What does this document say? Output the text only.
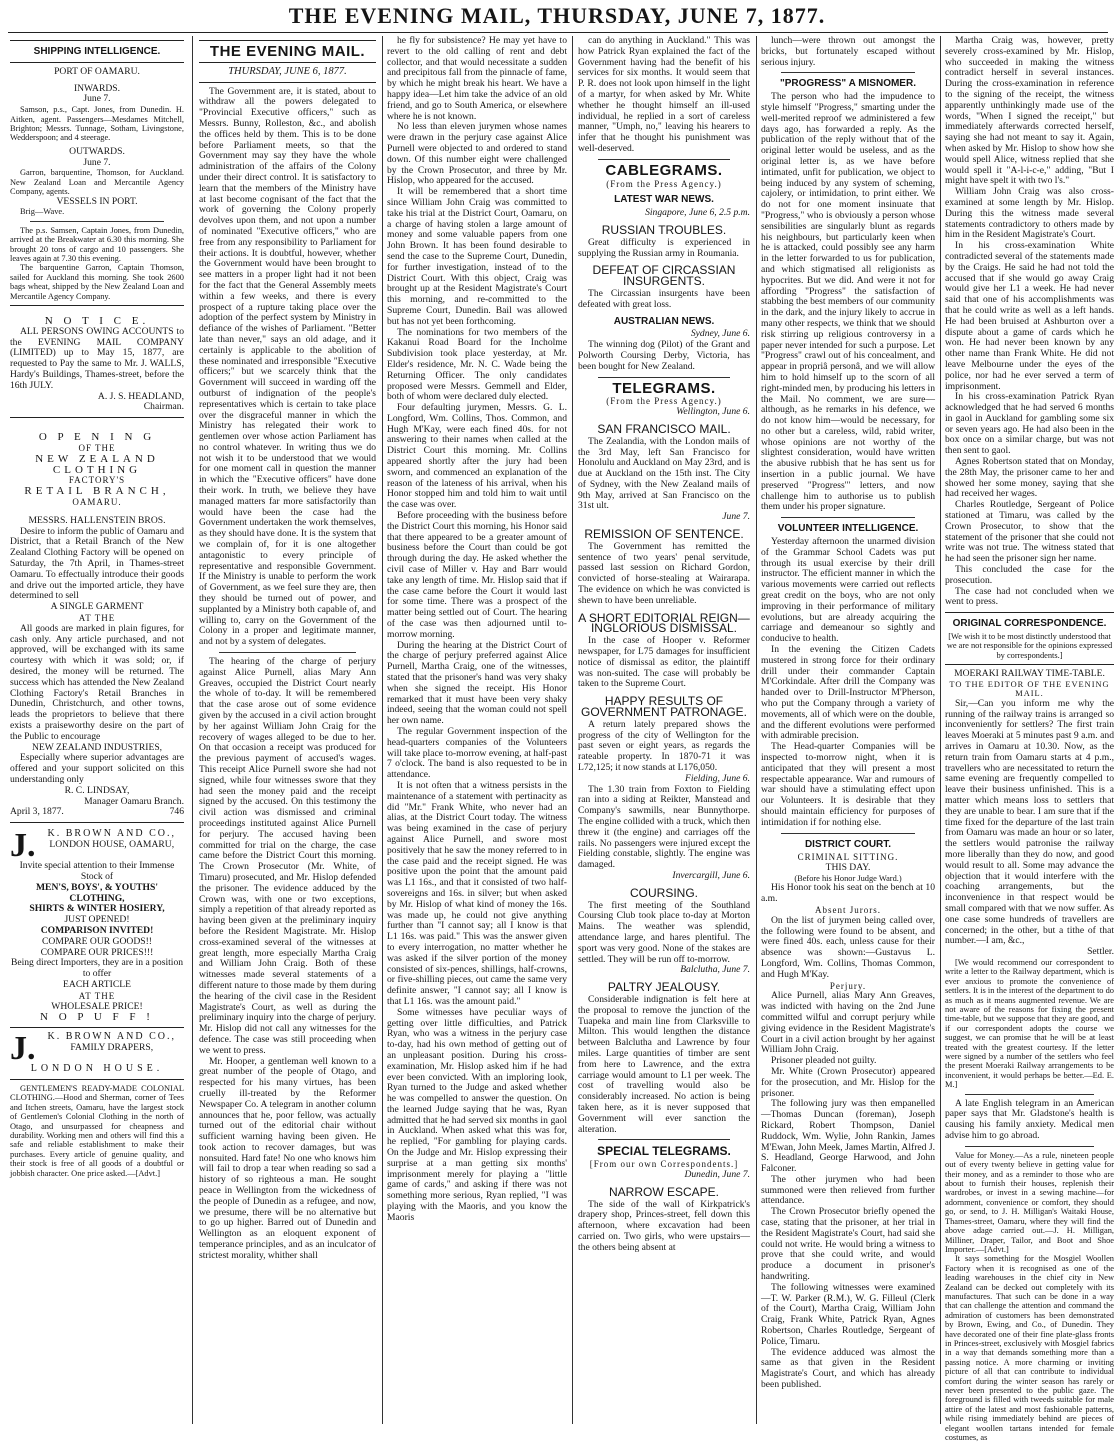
THE EVENING MAIL, THURSDAY, JUNE 7, 1877.
SHIPPING INTELLIGENCE.

PORT OF OAMARU.

INWARDS.

June 7.

Samson, p.s., Capt. Jones, from Dunedin. H. Aitken, agent. Passengers—Mesdames Mitchell, Brighton; Messrs. Tunnage, Sotham, Livingstone, Wedderspoon; and 4 steerage.

OUTWARDS.

June 7.

Garron, barquentine, Thomson, for Auckland. New Zealand Loan and Mercantile Agency Company, agents.

VESSELS IN PORT.

Brig—Wave.

The p.s. Samsen, Captain Jones, from Dunedin, arrived at the Breakwater at 6.30 this morning. She brought 20 tons of cargo and 10 passengers. She leaves again at 7.30 this evening.

The barquentine Garron, Captain Thomson, sailed for Auckland this morning. She took 2600 bags wheat, shipped by the New Zealand Loan and Mercantile Agency Company.

N O T I C E.

ALL PERSONS OWING ACCOUNTS to the EVENING MAIL COMPANY (LIMITED) up to May 15, 1877, are requested to Pay the same to Mr. J. WALLS, Hardy's Buildings, Thames-street, before the 16th JULY.

A. J. S. HEADLAND,

Chairman.

O P E N I N G

OF THE

NEW ZEALAND CLOTHING

FACTORY'S

RETAIL BRANCH,

OAMARU.

MESSRS. HALLENSTEIN BROS.

Desire to inform the public of Oamaru and District, that a Retail Branch of the New Zealand Clothing Factory will be opened on Saturday, the 7th April, in Thames-street Oamaru. To effectually introduce their goods and drive out the imported article, they have determined to sell

A SINGLE GARMENT

AT THE

All goods are marked in plain figures, for cash only. Any article purchased, and not approved, will be exchanged with its same courtesy with which it was sold; or, if desired, the money will be returned. The success which has attended the New Zealand Clothing Factory's Retail Branches in Dunedin, Christchurch, and other towns, leads the proprietors to believe that there exists a praiseworthy desire on the part of the Public to encourage

NEW ZEALAND INDUSTRIES,

Especially where superior advantages are offered and your support solicited on this understanding only

R. C. LINDSAY,

Manager Oamaru Branch.

April 3, 1877.	746

J.	K. BROWN AND CO.,

LONDON HOUSE, OAMARU,

Invite special attention to their Immense Stock of

MEN'S, BOYS', & YOUTHS' CLOTHING,

SHIRTS & WINTER HOSIERY,

JUST OPENED!

COMPARISON INVITED!

COMPARE OUR GOODS!!

COMPARE OUR PRICES!!!

Being direct Importers, they are in a position to offer

EACH ARTICLE

AT THE

WHOLESALE PRICE!

N O P U F F !

J.	K. BROWN AND CO.,

FAMILY DRAPERS,

LONDON HOUSE.

GENTLEMEN'S READY-MADE COLONIAL CLOTHING.—Hood and Sherman, corner of Tees and Itchen streets, Oamaru, have the largest stock of Gentlemen's Colonial Clothing in the north of Otago, and unsurpassed for cheapness and durability. Working men and others will find this a safe and reliable establishment to make their purchases. Every article of genuine quality, and their stock is free of all goods of a doubtful or jobbish character. One price asked.—[Advt.]

THE EVENING MAIL.

THURSDAY, JUNE 6, 1877.

The Government are, it is stated, about to withdraw all the powers delegated to "Provincial Executive officers," such as Messrs. Bunny, Rolleston, &c., and abolish the offices held by them. This is to be done before Parliament meets, so that the Government may say they have the whole administration of the affairs of the Colony under their direct control. It is satisfactory to learn that the members of the Ministry have at last become cognisant of the fact that the work of governing the Colony properly devolves upon them, and not upon a number of nominated "Executive officers," who are free from any responsibility to Parliament for their actions. It is doubtful, however, whether the Government would have been brought to see matters in a proper light had it not been for the fact that the General Assembly meets within a few weeks, and there is every prospect of a rupture taking place over the adoption of the perfect system by Ministry in defiance of the wishes of Parliament. "Better late than never," says an old adage, and it certainly is applicable to the abolition of these nominated and irresponsible "Executive officers;" but we scarcely think that the Government will succeed in warding off the outburst of indignation of the people's representatives which is certain to take place over the disgraceful manner in which the Ministry has relegated their work to gentlemen over whose action Parliament has no control whatever. In writing thus we do not wish it to be understood that we would for one moment call in question the manner in which the "Executive officers" have done their work. In truth, we believe they have managed matters far more satisfactorily than would have been the case had the Government undertaken the work themselves, as they should have done. It is the system that we complain of, for it is one altogether antagonistic to every principle of representative and responsible Government. If the Ministry is unable to perform the work of Government, as we feel sure they are, then they should be turned out of power, and supplanted by a Ministry both capable of, and willing to, carry on the Government of the Colony in a proper and legitimate manner, and not by a system of delegates.

The hearing of the charge of perjury against Alice Purnell, alias Mary Ann Greaves, occupied the District Court nearly the whole of to-day. It will be remembered that the case arose out of some evidence given by the accused in a civil action brought by her against William John Craig for the recovery of wages alleged to be due to her. On that occasion a receipt was produced for the previous payment of accused's wages. This receipt Alice Purnell swore she had not signed, while four witnesses swore that they had seen the money paid and the receipt signed by the accused. On this testimony the civil action was dismissed and criminal proceedings instituted against Alice Purnell for perjury. The accused having been committed for trial on the charge, the case came before the District Court this morning. The Crown Prosecutor (Mr. White, of Timaru) prosecuted, and Mr. Hislop defended the prisoner. The evidence adduced by the Crown was, with one or two exceptions, simply a repetition of that already reported as having been given at the preliminary inquiry before the Resident Magistrate. Mr. Hislop cross-examined several of the witnesses at great length, more especially Martha Craig and William John Craig. Both of these witnesses made several statements of a different nature to those made by them during the hearing of the civil case in the Resident Magistrate's Court, as well as during the preliminary inquiry into the charge of perjury. Mr. Hislop did not call any witnesses for the defence. The case was still proceeding when we went to press.

Mr. Hooper, a gentleman well known to a great number of the people of Otago, and respected for his many virtues, has been cruelly ill-treated by the Reformer Newspaper Co. A telegram in another column announces that he, poor fellow, was actually turned out of the editorial chair without sufficient warning having been given. He took action to recover damages, but was nonsuited. Hard fate! No one who knows him will fail to drop a tear when reading so sad a history of so righteous a man. He sought peace in Wellington from the wickedness of the people of Dunedin as a refugee, and now, we presume, there will be no alternative but to go up higher. Barred out of Dunedin and Wellington as an eloquent exponent of temperance principles, and as an inculcator of strictest morality, whither shall

he fly for subsistence? He may yet have to revert to the old calling of rent and debt collector, and that would necessitate a sudden and precipitous fall from the pinnacle of fame, by which he might break his heart. We have a happy idea—Let him take the advice of an old friend, and go to South America, or elsewhere where he is not known.

No less than eleven jurymen whose names were drawn in the perjury case against Alice Purnell were objected to and ordered to stand down. Of this number eight were challenged by the Crown Prosecutor, and three by Mr. Hislop, who appeared for the accused.

It will be remembered that a short time since William John Craig was committed to take his trial at the District Court, Oamaru, on a charge of having stolen a large amount of money and some valuable papers from one John Brown. It has been found desirable to send the case to the Supreme Court, Dunedin, for further investigation, instead of to the District Court. With this object, Craig was brought up at the Resident Magistrate's Court this morning, and re-committed to the Supreme Court, Dunedin. Bail was allowed but has not yet been forthcoming.

The nominations for two members of the Kakanui Road Board for the Incholme Subdivision took place yesterday, at Mr. Elder's residence, Mr. N. C. Wade being the Returning Officer. The only candidates proposed were Messrs. Gemmell and Elder, both of whom were declared duly elected.

Four defaulting jurymen, Messrs. G. L. Longford, Wm. Collins, Thos. Common, and Hugh M'Kay, were each fined 40s. for not answering to their names when called at the District Court this morning. Mr. Collins appeared shortly after the jury had been sworn, and commenced an explanation of the reason of the lateness of his arrival, when his Honor stopped him and told him to wait until the case was over.

Before proceeding with the business before the District Court this morning, his Honor said that there appeared to be a greater amount of business before the Court than could be got through during the day. He asked whether the civil case of Miller v. Hay and Barr would take any length of time. Mr. Hislop said that if the case came before the Court it would last for some time. There was a prospect of the matter being settled out of Court. The hearing of the case was then adjourned until to-morrow morning.

During the hearing at the District Court of the charge of perjury preferred against Alice Purnell, Martha Craig, one of the witnesses, stated that the prisoner's hand was very shaky when she signed the receipt. His Honor remarked that it must have been very shaky indeed, seeing that the woman could not spell her own name.

The regular Government inspection of the head-quarters companies of the Volunteers will take place to-morrow evening, at half-past 7 o'clock. The band is also requested to be in attendance.

It is not often that a witness persists in the maintenance of a statement with pertinacity as did "Mr." Frank White, who never had an alias, at the District Court today. The witness was being examined in the case of perjury against Alice Purnell, and swore most positively that he saw the money referred to in the case paid and the receipt signed. He was positive upon the point that the amount paid was L1 16s., and that it consisted of two half-sovereigns and 16s. in silver; but when asked by Mr. Hislop of what kind of money the 16s. was made up, he could not give anything further than "I cannot say; all I know is that L1 16s. was paid." This was the answer given to every interrogation, no matter whether he was asked if the silver portion of the money consisted of six-pences, shillings, half-crowns, or five-shilling pieces, out came the same very definite answer, "I cannot say; all I know is that L1 16s. was the amount paid."

Some witnesses have peculiar ways of getting over little difficulties, and Patrick Ryan, who was a witness in the perjury case to-day, had his own method of getting out of an unpleasant position. During his cross-examination, Mr. Hislop asked him if he had ever been convicted. With an imploring look, Ryan turned to the Judge and asked whether he was compelled to answer the question. On the learned Judge saying that he was, Ryan admitted that he had served six months in gaol in Auckland. When asked what this was for, he replied, "For gambling for playing cards. On the Judge and Mr. Hislop expressing their surprise at a man getting six months' imprisonment merely for playing a "little game of cards," and asking if there was not something more serious, Ryan replied, "I was playing with the Maoris, and you know the Maoris

can do anything in Auckland." This was how Patrick Ryan explained the fact of the Government having had the benefit of his services for six months. It would seem that P. R. does not look upon himself in the light of a martyr, for when asked by Mr. White whether he thought himself an ill-used individual, he replied in a sort of careless manner, "Umph, no," leaving his hearers to infer that he thought his punishment was well-deserved.

CABLEGRAMS.

(From the Press Agency.)

LATEST WAR NEWS.

Singapore, June 6, 2.5 p.m.

RUSSIAN TROUBLES.

Great difficulty is experienced in supplying the Russian army in Roumania.

DEFEAT OF CIRCASSIAN INSURGENTS.

The Circassian insurgents have been defeated with great loss.

AUSTRALIAN NEWS.

Sydney, June 6.

The winning dog (Pilot) of the Grant and Polworth Coursing Derby, Victoria, has been bought for New Zealand.

TELEGRAMS.

(From the Press Agency.)

Wellington, June 6.

SAN FRANCISCO MAIL.

The Zealandia, with the London mails of the 3rd May, left San Francisco for Honolulu and Auckland on May 23rd, and is due at Auckland on the 15th inst. The City of Sydney, with the New Zealand mails of 9th May, arrived at San Francisco on the 31st ult.

June 7.

REMISSION OF SENTENCE.

The Government has remitted the sentence of two years' penal servitude, passed last session on Richard Gordon, convicted of horse-stealing at Wairarapa. The evidence on which he was convicted is shewn to have been unreliable.

A SHORT EDITORIAL REIGN—INGLORIOUS DISMISSAL.

In the case of Hooper v. Reformer newspaper, for L75 damages for insufficient notice of dismissal as editor, the plaintiff was non-suited. The case will probably be taken to the Supreme Court.

HAPPY RESULTS OF GOVERNMENT PATRONAGE.

A return lately prepared shows the progress of the city of Wellington for the past seven or eight years, as regards the rateable property. In 1870-71 it was L72,125; it now stands at L176,050.

Fielding, June 6.

The 1.30 train from Foxton to Fielding ran into a siding at Reikter, Manstead and Company's sawmills, near Bunnythorpe. The engine collided with a truck, which then threw it (the engine) and carriages off the rails. No passengers were injured except the Fielding constable, slightly. The engine was damaged.

Invercargill, June 6.

COURSING.

The first meeting of the Southland Coursing Club took place to-day at Morton Mains. The weather was splendid, attendance large, and hares plentiful. The sport was very good. None of the stakes are settled. They will be run off to-morrow.

Balclutha, June 7.

PALTRY JEALOUSY.

Considerable indignation is felt here at the proposal to remove the junction of the Tuapeka and main line from Clarksville to Milton. This would lengthen the distance between Balclutha and Lawrence by four miles. Large quantities of timber are sent from here to Lawrence, and the extra carriage would amount to L1 per week. The cost of travelling would also be considerably increased. No action is being taken here, as it is never supposed that Government will ever sanction the alteration.

SPECIAL TELEGRAMS.

[From our own Correspondents.]

Dunedin, June 7.

NARROW ESCAPE.

The side of the wall of Kirkpatrick's drapery shop, Princes-street, fell down this afternoon, where excavation had been carried on. Two girls, who were upstairs—the others being absent at

lunch—were thrown out amongst the bricks, but fortunately escaped without serious injury.

"PROGRESS" A MISNOMER.

The person who had the impudence to style himself "Progress," smarting under the well-merited reproof we administered a few days ago, has forwarded a reply. As the publication of the reply without that of the original letter would be useless, and as the original letter is, as we have before intimated, unfit for publication, we object to being induced by any system of scheming, cajolery, or intimidation, to print either. We do not for one moment insinuate that "Progress," who is obviously a person whose sensibilities are singularly blunt as regards his neighbours, but particularly keen when he is attacked, could possibly see any harm in the letter forwarded to us for publication, and which stigmatised all religionists as hypocrites. But we did. And were it not for affording "Progress" the satisfaction of stabbing the best members of our community in the dark, and the injury likely to accrue in many other respects, we think that we should risk stirring up religious controversy in a paper never intended for such a purpose. Let "Progress" crawl out of his concealment, and appear in propriâ personâ, and we will allow him to hold himself up to the scorn of all right-minded men, by producing his letters in the Mail. No comment, we are sure—although, as he remarks in his defence, we do not know him—would be necessary, for no other but a careless, wild, rabid writer, whose opinions are not worthy of the slightest consideration, would have written the abusive rubbish that he has sent us for insertion in a public journal. We have preserved "Progress'" letters, and now challenge him to authorise us to publish them under his proper signature.

VOLUNTEER INTELLIGENCE.

Yesterday afternoon the unarmed division of the Grammar School Cadets was put through its usual exercise by their drill instructor. The efficient manner in which the various movements were carried out reflects great credit on the boys, who are not only improving in their performance of military evolutions, but are already acquiring the carriage and demeanour so sightly and conducive to health.

In the evening the Citizen Cadets mustered in strong force for their ordinary drill under their commander Captain M'Corkindale. After drill the Company was handed over to Drill-Instructor M'Pherson, who put the Company through a variety of movements, all of which were on the double, and the different evolutions were performed with admirable precision.

The Head-quarter Companies will be inspected to-morrow night, when it is anticipated that they will present a most respectable appearance. War and rumours of war should have a stimulating effect upon our Volunteers. It is desirable that they should maintain efficiency for purposes of intimidation if for nothing else.

DISTRICT COURT.

CRIMINAL SITTING.

THIS DAY.

(Before his Honor Judge Ward.)

His Honor took his seat on the bench at 10 a.m.

Absent Jurors.

On the list of jurymen being called over, the following were found to be absent, and were fined 40s. each, unless cause for their absence was shown:—Gustavus L. Longford, Wm. Collins, Thomas Common, and Hugh M'Kay.

Perjury.

Alice Purnell, alias Mary Ann Greaves, was indicted with having on the 2nd June committed wilful and corrupt perjury while giving evidence in the Resident Magistrate's Court in a civil action brought by her against William John Craig.

Prisoner pleaded not guilty.

Mr. White (Crown Prosecutor) appeared for the prosecution, and Mr. Hislop for the prisoner.

The following jury was then empanelled—Thomas Duncan (foreman), Joseph Rickard, Robert Thompson, Daniel Ruddock, Wm. Wylie, John Rankin, James M'Ewan, John Meek, James Martin, Alfred J. S. Headland, George Harwood, and John Falconer.

The other jurymen who had been summoned were then relieved from further attendance.

The Crown Prosecutor briefly opened the case, stating that the prisoner, at her trial in the Resident Magistrate's Court, had said she could not write. He would bring a witness to prove that she could write, and would produce a document in prisoner's handwriting.

The following witnesses were examined—T. W. Parker (R.M.), W. G. Filleul (Clerk of the Court), Martha Craig, William John Craig, Frank White, Patrick Ryan, Agnes Robertson, Charles Routledge, Sergeant of Police, Timaru.

The evidence adduced was almost the same as that given in the Resident Magistrate's Court, and which has already been published.

Martha Craig was, however, pretty severely cross-examined by Mr. Hislop, who succeeded in making the witness contradict herself in several instances. During the cross-examination in reference to the signing of the receipt, the witness apparently unthinkingly made use of the words, "When I signed the receipt," but immediately afterwards corrected herself, saying she had not meant to say it. Again, when asked by Mr. Hislop to show how she would spell Alice, witness replied that she would spell it "A-l-i-c-e," adding, "But I might have spelt it with two l's."

William John Craig was also cross-examined at some length by Mr. Hislop. During this the witness made several statements contradictory to others made by him in the Resident Magistrate's Court.

In his cross-examination White contradicted several of the statements made by the Craigs. He said he had not told the accused that if she would go away Craig would give her L1 a week. He had never said that one of his accomplishments was that he could write as well as a left hands. He had been bruised at Ashburton over a dispute about a game of cards which he won. He had never been known by any other name than Frank White. He did not leave Melbourne under the eyes of the police, nor had he ever served a term of imprisonment.

In his cross-examination Patrick Ryan acknowledged that he had served 6 months in gaol in Auckland for gambling some six or seven years ago. He had also been in the box once on a similar charge, but was not then sent to gaol.

Agnes Robertson stated that on Monday, the 28th May, the prisoner came to her and showed her some money, saying that she had received her wages.

Charles Routledge, Sergeant of Police stationed at Timaru, was called by the Crown Prosecutor, to show that the statement of the prisoner that she could not write was not true. The witness stated that he had seen the prisoner sign her name.

This concluded the case for the prosecution.

The case had not concluded when we went to press.

ORIGINAL CORRESPONDENCE.

[We wish it to be most distinctly understood that we are not responsible for the opinions expressed by correspondents.]

MOERAKI RAILWAY TIME-TABLE.

TO THE EDITOR OF THE EVENING MAIL.

Sir,—Can you inform me why the running of the railway trains is arranged so inconveniently for settlers? The first train leaves Moeraki at 5 minutes past 9 a.m. and arrives in Oamaru at 10.30. Now, as the return train from Oamaru starts at 4 p.m., travellers who are necessitated to return the same evening are frequently compelled to leave their business unfinished. This is a matter which means loss to settlers that they are unable to bear. I am sure that if the time fixed for the departure of the last train from Oamaru was made an hour or so later, the settlers would patronise the railway more liberally than they do now, and good would result to all. Some may advance the objection that it would interfere with the coaching arrangements, but the inconvenience in that respect would be small compared with that we now suffer. As one case some hundreds of travellers are concerned; in the other, but a tithe of that number.—I am, &c.,

Settler.

[We would recommend our correspondent to write a letter to the Railway department, which is ever anxious to promote the convenience of settlers. It is in the interest of the department to do as much as it means augmented revenue. We are not aware of the reasons for fixing the present time-table, but we suppose that they are good, and if our correspondent adopts the course we suggest, we can promise that he will be at least treated with the greatest courtesy. If the letter were signed by a number of the settlers who feel the present Moeraki Railway arrangements to be inconvenient, it would perhaps be better.—Ed. E. M.]

A late English telegram in an American paper says that Mr. Gladstone's health is causing his family anxiety. Medical men advise him to go abroad.

Value for Money.—As a rule, nineteen people out of every twenty believe in getting value for their money, and as a reminder to those who are about to furnish their houses, replenish their wardrobes, or invest in a sewing machine—for adornment, convenience or comfort, they should go, or send, to J. H. Milligan's Waitaki House, Thames-street, Oamaru, where they will find the above adage carried out.—J. H. Milligan, Milliner, Draper, Tailor, and Boot and Shoe Importer.—[Advt.]

It says something for the Mosgiel Woollen Factory when it is recognised as one of the leading warehouses in the chief city in New Zealand can be decked out completely with its manufactures. That such can be done in a way that can challenge the attention and command the admiration of customers has been demonstrated by Brown, Ewing, and Co., of Dunedin. They have decorated one of their fine plate-glass fronts in Princes-street, exclusively with Mosgiel fabrics in a way that demands something more than a passing notice. A more charming or inviting picture of all that can contribute to individual comfort during the winter season has rarely or never been presented to the public gaze. The foreground is filled with tweeds suitable for male attire of the latest and most fashionable patterns, while rising immediately behind are pieces of elegant woollen tartans intended for female costumes, as
